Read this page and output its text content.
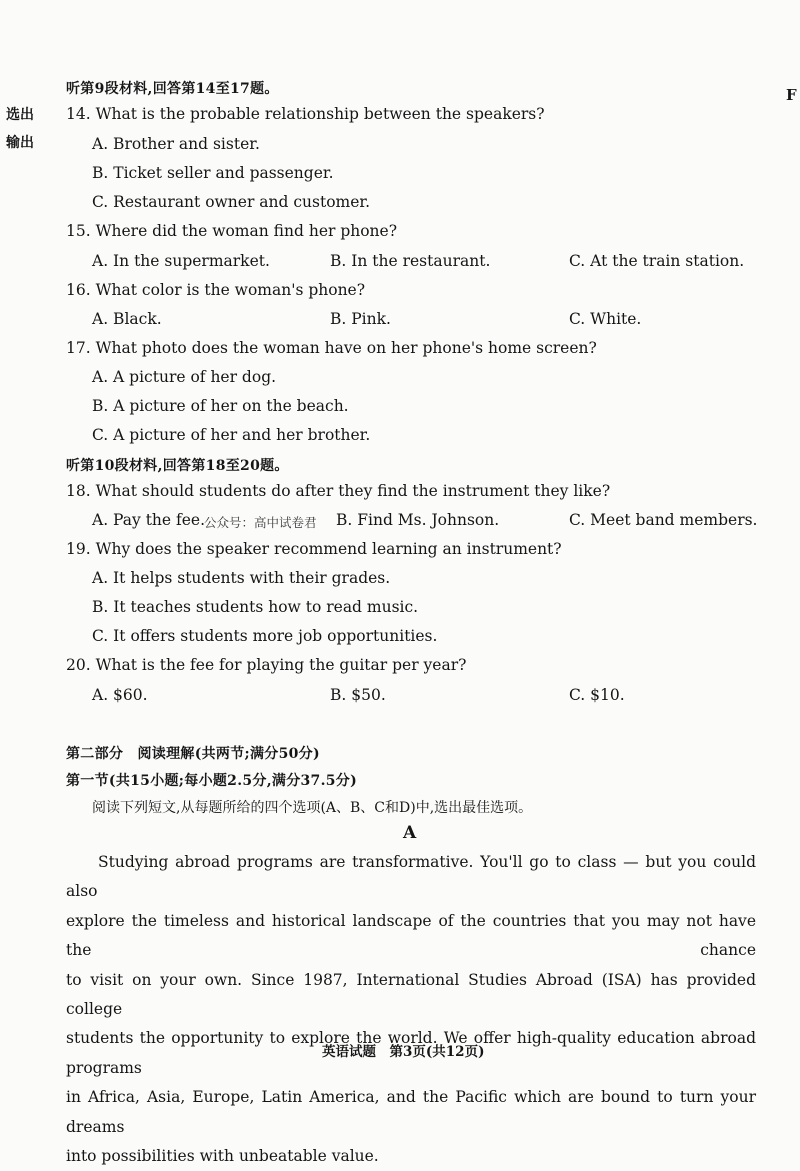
选出
输出
F
听第9段材料,回答第14至17题。
14. What is the probable relationship between the speakers?
A. Brother and sister.
B. Ticket seller and passenger.
C. Restaurant owner and customer.
15. Where did the woman find her phone?
A. In the supermarket.	B. In the restaurant.	C. At the train station.
16. What color is the woman's phone?
A. Black.	B. Pink.	C. White.
17. What photo does the woman have on her phone's home screen?
A. A picture of her dog.
B. A picture of her on the beach.
C. A picture of her and her brother.
听第10段材料,回答第18至20题。
18. What should students do after they find the instrument they like?
A. Pay the fee.
公众号：高中试卷君 B. Find Ms. Johnson.	C. Meet band members.
19. Why does the speaker recommend learning an instrument?
A. It helps students with their grades.
B. It teaches students how to read music.
C. It offers students more job opportunities.
20. What is the fee for playing the guitar per year?
A. $60.	B. $50.	C. $10.
第二部分　阅读理解(共两节;满分50分)
第一节(共15小题;每小题2.5分,满分37.5分)
阅读下列短文,从每题所给的四个选项(A、B、C和D)中,选出最佳选项。
A
Studying abroad programs are transformative. You'll go to class — but you could also
explore the timeless and historical landscape of the countries that you may not have the chance
to visit on your own. Since 1987, International Studies Abroad (ISA) has provided college
students the opportunity to explore the world. We offer high-quality education abroad programs
in Africa, Asia, Europe, Latin America, and the Pacific which are bound to turn your dreams
into possibilities with unbeatable value.
英语试题　第3页(共12页)
